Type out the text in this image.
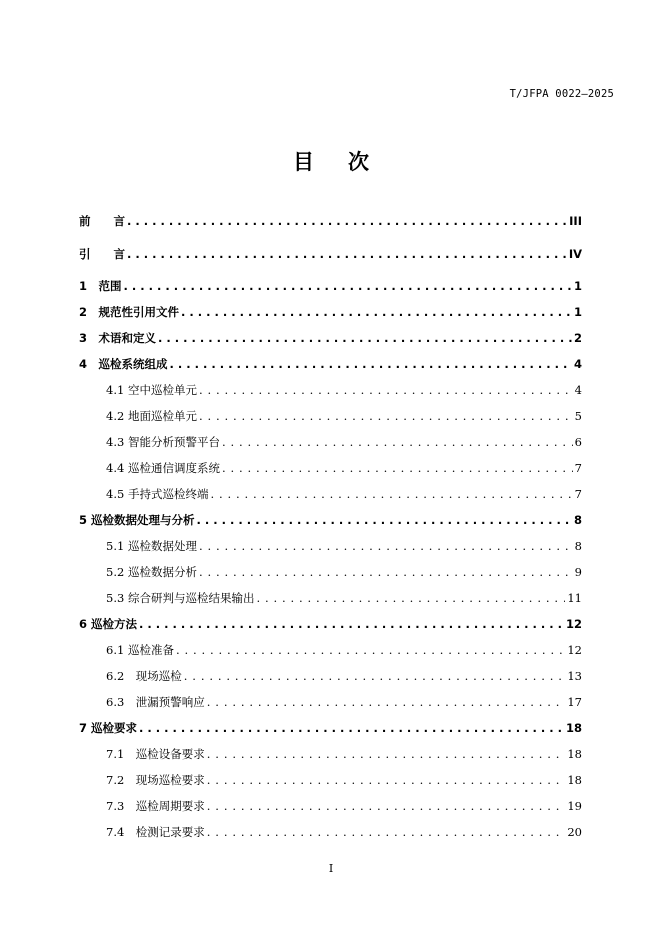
T/JFPA 0022—2025
目 次
前　　言 . . .	III
引　　言 . . .	IV
1　范围 . . .	1
2　规范性引用文件 . . .	1
3　术语和定义 . . .	2
4　巡检系统组成 . . .	4
4.1 空中巡检单元 . . .	4
4.2 地面巡检单元 . . .	5
4.3 智能分析预警平台 . . .	6
4.4 巡检通信调度系统 . . .	7
4.5 手持式巡检终端 . . .	7
5 巡检数据处理与分析 . . .	8
5.1 巡检数据处理 . . .	8
5.2 巡检数据分析 . . .	9
5.3 综合研判与巡检结果输出 . . .	11
6 巡检方法 . . .	12
6.1 巡检准备 . . .	12
6.2　现场巡检 . . .	13
6.3　泄漏预警响应 . . .	17
7 巡检要求 . . .	18
7.1　巡检设备要求 . . .	18
7.2　现场巡检要求 . . .	18
7.3　巡检周期要求 . . .	19
7.4　检测记录要求 . . .	20
I
